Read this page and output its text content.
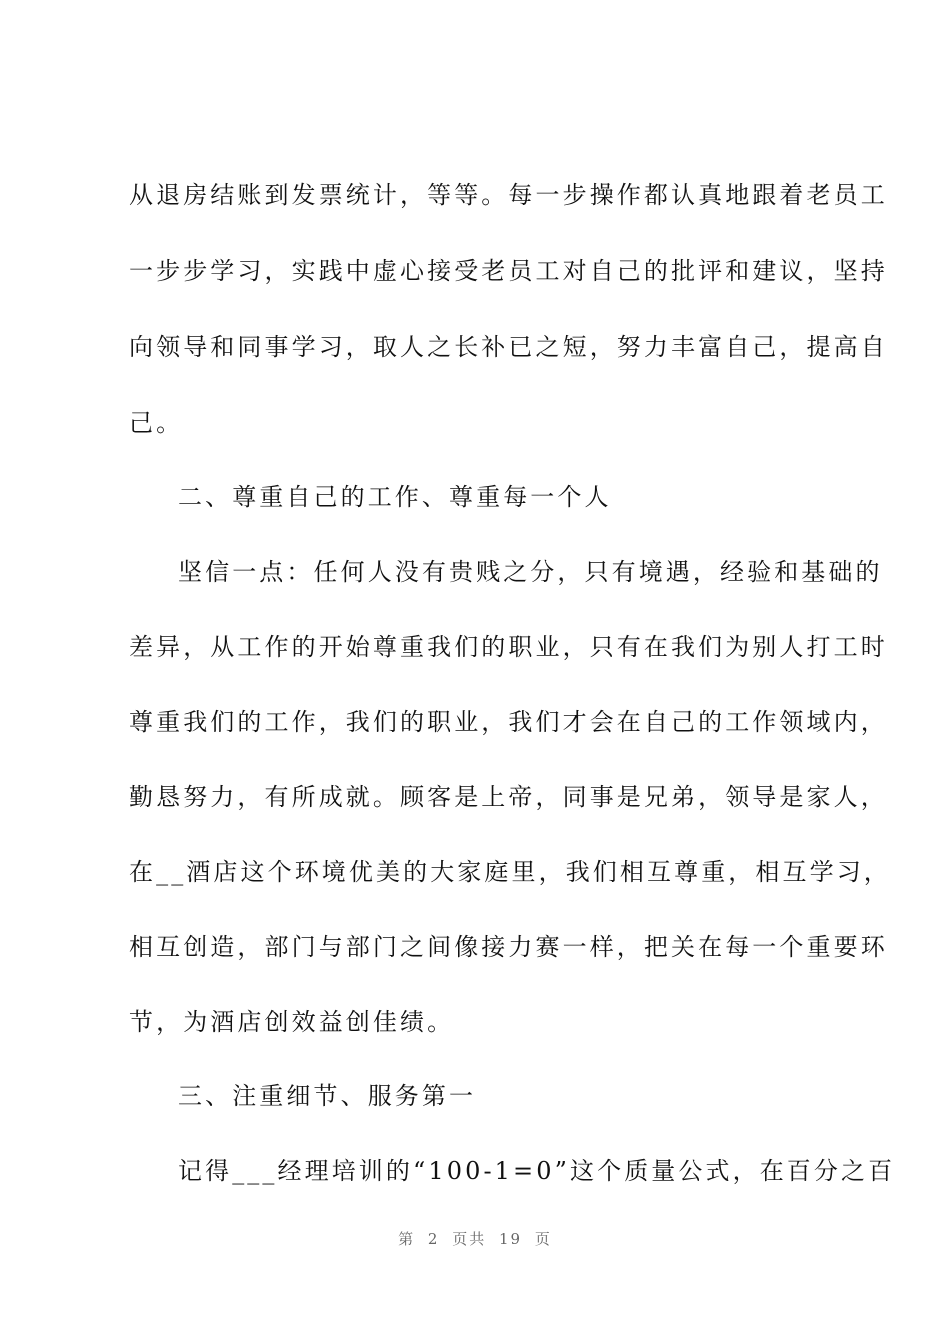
从退房结账到发票统计，等等。每一步操作都认真地跟着老员工
一步步学习，实践中虚心接受老员工对自己的批评和建议，坚持
向领导和同事学习，取人之长补已之短，努力丰富自己，提高自
己。
二、尊重自己的工作、尊重每一个人
坚信一点：任何人没有贵贱之分，只有境遇，经验和基础的
差异，从工作的开始尊重我们的职业，只有在我们为别人打工时
尊重我们的工作，我们的职业，我们才会在自己的工作领域内，
勤恳努力，有所成就。顾客是上帝，同事是兄弟，领导是家人，
在__酒店这个环境优美的大家庭里，我们相互尊重，相互学习，
相互创造，部门与部门之间像接力赛一样，把关在每一个重要环
节，为酒店创效益创佳绩。
三、注重细节、服务第一
记得___经理培训的“100-1=0”这个质量公式，在百分之百
第 2 页共 19 页
